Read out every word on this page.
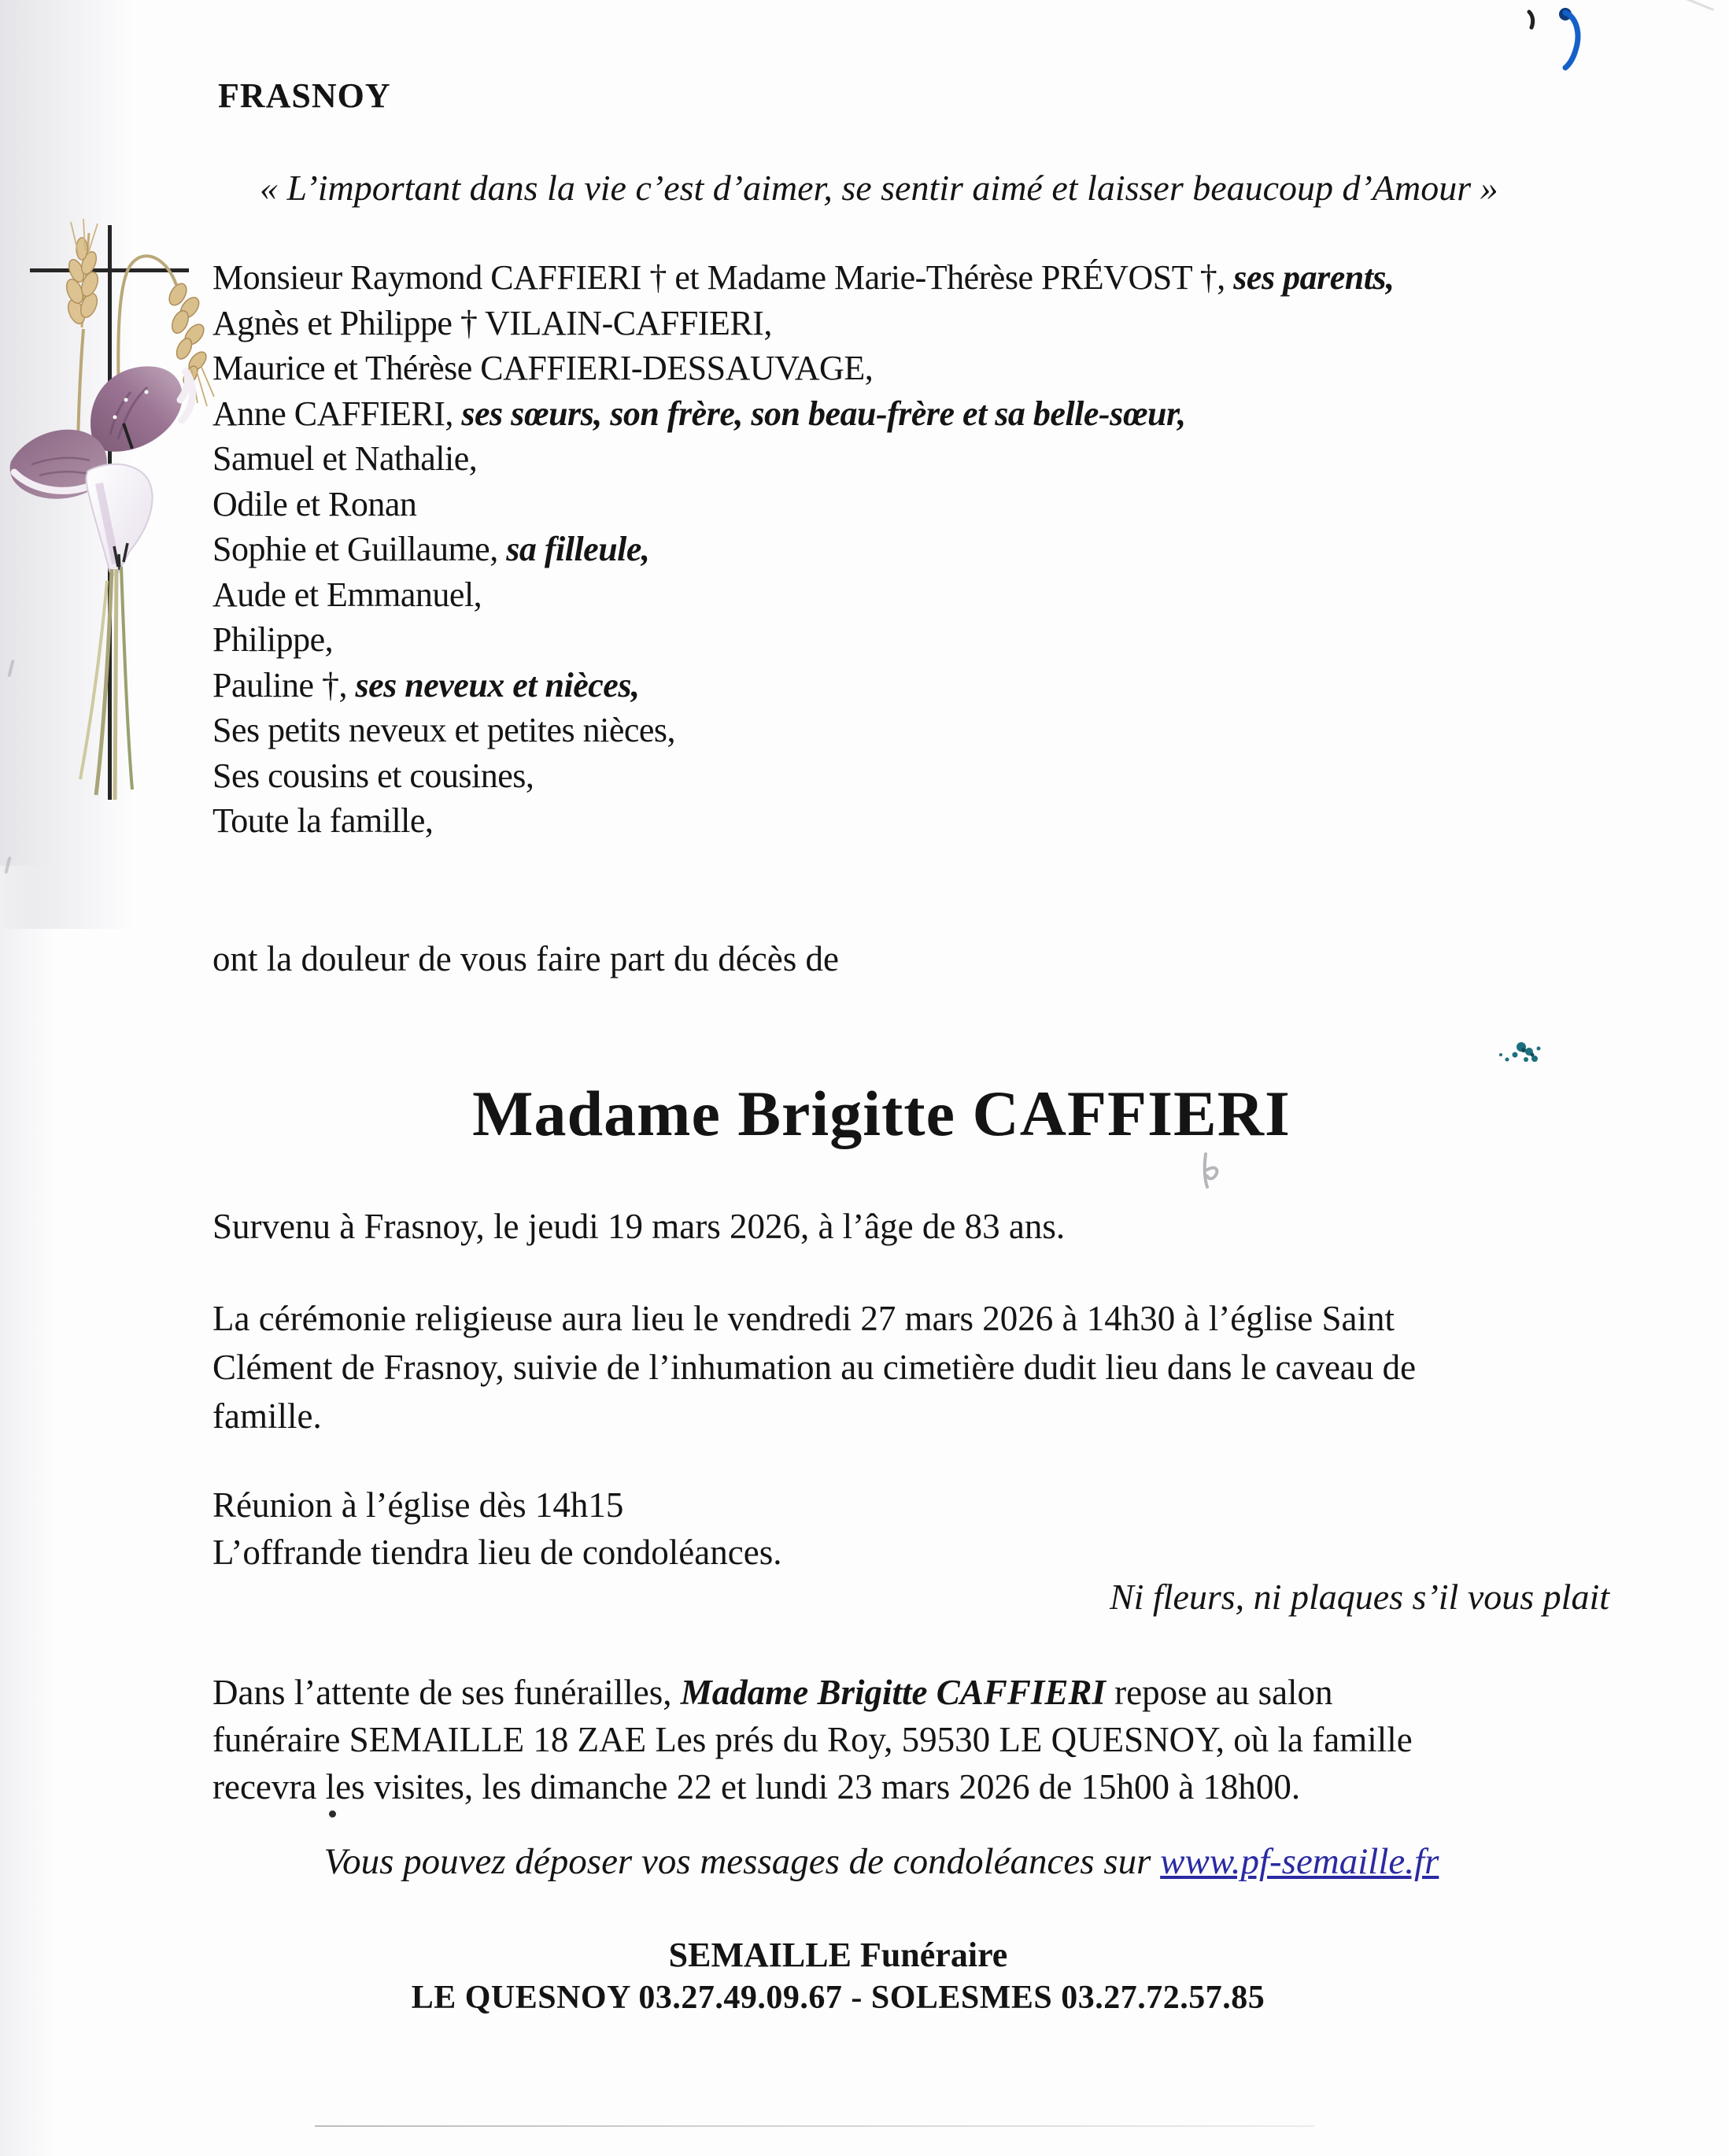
FRASNOY
« L’important dans la vie c’est d’aimer, se sentir aimé et laisser beaucoup d’Amour »
Monsieur Raymond CAFFIERI † et Madame Marie-Thérèse PRÉVOST †, ses parents,
Agnès et Philippe † VILAIN-CAFFIERI,
Maurice et Thérèse CAFFIERI-DESSAUVAGE,
Anne CAFFIERI, ses sœurs, son frère, son beau-frère et sa belle-sœur,
Samuel et Nathalie,
Odile et Ronan
Sophie et Guillaume, sa filleule,
Aude et Emmanuel,
Philippe,
Pauline †, ses neveux et nièces,
Ses petits neveux et petites nièces,
Ses cousins et cousines,
Toute la famille,
ont la douleur de vous faire part du décès de
Madame Brigitte CAFFIERI
Survenu à Frasnoy, le jeudi 19 mars 2026, à l’âge de 83 ans.
La cérémonie religieuse aura lieu le vendredi 27 mars 2026 à 14h30 à l’église Saint
Clément de Frasnoy, suivie de l’inhumation au cimetière dudit lieu dans le caveau de
famille.
Réunion à l’église dès 14h15
L’offrande tiendra lieu de condoléances.
Ni fleurs, ni plaques s’il vous plait
Dans l’attente de ses funérailles, Madame Brigitte CAFFIERI repose au salon
funéraire SEMAILLE 18 ZAE Les prés du Roy, 59530 LE QUESNOY, où la famille
recevra les visites, les dimanche 22 et lundi 23 mars 2026 de 15h00 à 18h00.
Vous pouvez déposer vos messages de condoléances sur www.pf-semaille.fr
SEMAILLE Funéraire
LE QUESNOY 03.27.49.09.67 - SOLESMES 03.27.72.57.85
